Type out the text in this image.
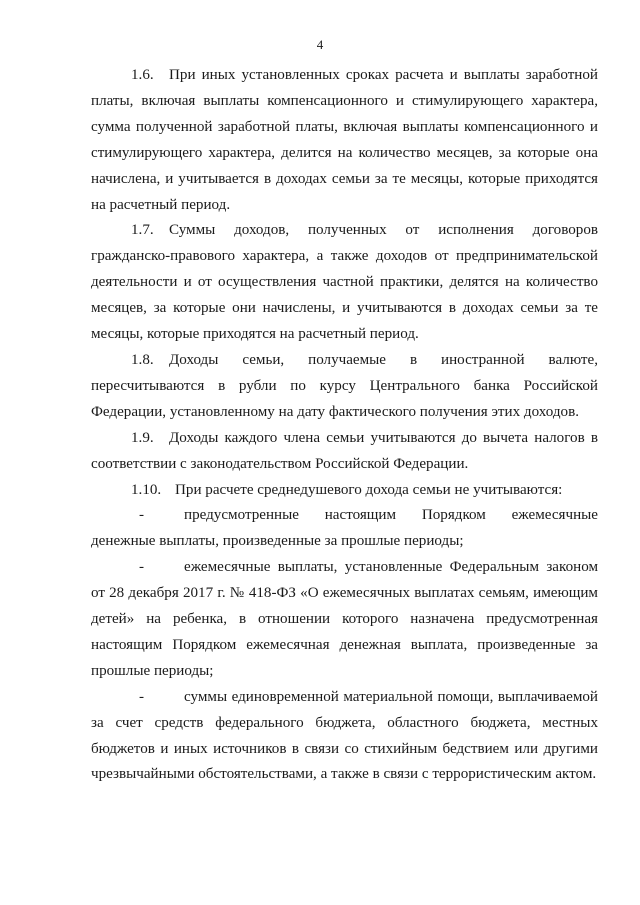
4

1.6. При иных установленных сроках расчета и выплаты заработной платы, включая выплаты компенсационного и стимулирующего характера, сумма полученной заработной платы, включая выплаты компенсационного и стимулирующего характера, делится на количество месяцев, за которые она начислена, и учитывается в доходах семьи за те месяцы, которые приходятся на расчетный период.

1.7. Суммы доходов, полученных от исполнения договоров гражданско-правового характера, а также доходов от предпринимательской деятельности и от осуществления частной практики, делятся на количество месяцев, за которые они начислены, и учитываются в доходах семьи за те месяцы, которые приходятся на расчетный период.

1.8. Доходы семьи, получаемые в иностранной валюте, пересчитываются в рубли по курсу Центрального банка Российской Федерации, установленному на дату фактического получения этих доходов.

1.9. Доходы каждого члена семьи учитываются до вычета налогов в соответствии с законодательством Российской Федерации.

1.10. При расчете среднедушевого дохода семьи не учитываются:

-	предусмотренные настоящим Порядком ежемесячные денежные выплаты, произведенные за прошлые периоды;

-	ежемесячные выплаты, установленные Федеральным законом от 28 декабря 2017 г. № 418-ФЗ «О ежемесячных выплатах семьям, имеющим детей» на ребенка, в отношении которого назначена предусмотренная настоящим Порядком ежемесячная денежная выплата, произведенные за прошлые периоды;

-	суммы единовременной материальной помощи, выплачиваемой за счет средств федерального бюджета, областного бюджета, местных бюджетов и иных источников в связи со стихийным бедствием или другими чрезвычайными обстоятельствами, а также в связи с террористическим актом.
